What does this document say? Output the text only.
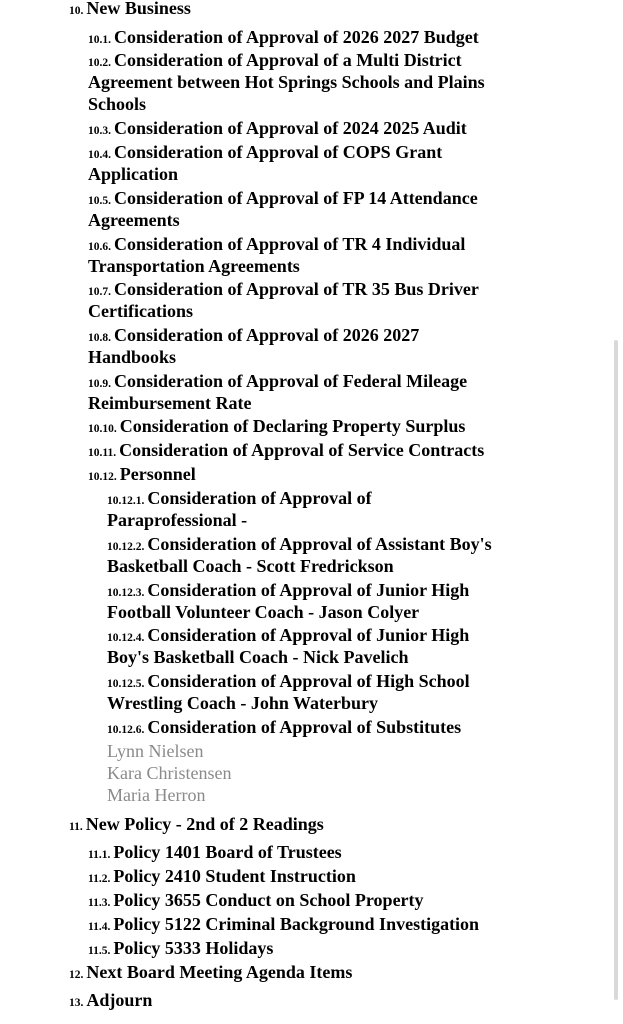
10. New Business
10.1. Consideration of Approval of 2026 2027 Budget
10.2. Consideration of Approval of a Multi District
Agreement between Hot Springs Schools and Plains
Schools
10.3. Consideration of Approval of 2024 2025 Audit
10.4. Consideration of Approval of COPS Grant
Application
10.5. Consideration of Approval of FP 14 Attendance
Agreements
10.6. Consideration of Approval of TR 4 Individual
Transportation Agreements
10.7. Consideration of Approval of TR 35 Bus Driver
Certifications
10.8. Consideration of Approval of 2026 2027
Handbooks
10.9. Consideration of Approval of Federal Mileage
Reimbursement Rate
10.10. Consideration of Declaring Property Surplus
10.11. Consideration of Approval of Service Contracts
10.12. Personnel
10.12.1. Consideration of Approval of
Paraprofessional -
10.12.2. Consideration of Approval of Assistant Boy's
Basketball Coach - Scott Fredrickson
10.12.3. Consideration of Approval of Junior High
Football Volunteer Coach - Jason Colyer
10.12.4. Consideration of Approval of Junior High
Boy's Basketball Coach - Nick Pavelich
10.12.5. Consideration of Approval of High School
Wrestling Coach - John Waterbury
10.12.6. Consideration of Approval of Substitutes
Lynn Nielsen
Kara Christensen
Maria Herron
11. New Policy - 2nd of 2 Readings
11.1. Policy 1401 Board of Trustees
11.2. Policy 2410 Student Instruction
11.3. Policy 3655 Conduct on School Property
11.4. Policy 5122 Criminal Background Investigation
11.5. Policy 5333 Holidays
12. Next Board Meeting Agenda Items
13. Adjourn
